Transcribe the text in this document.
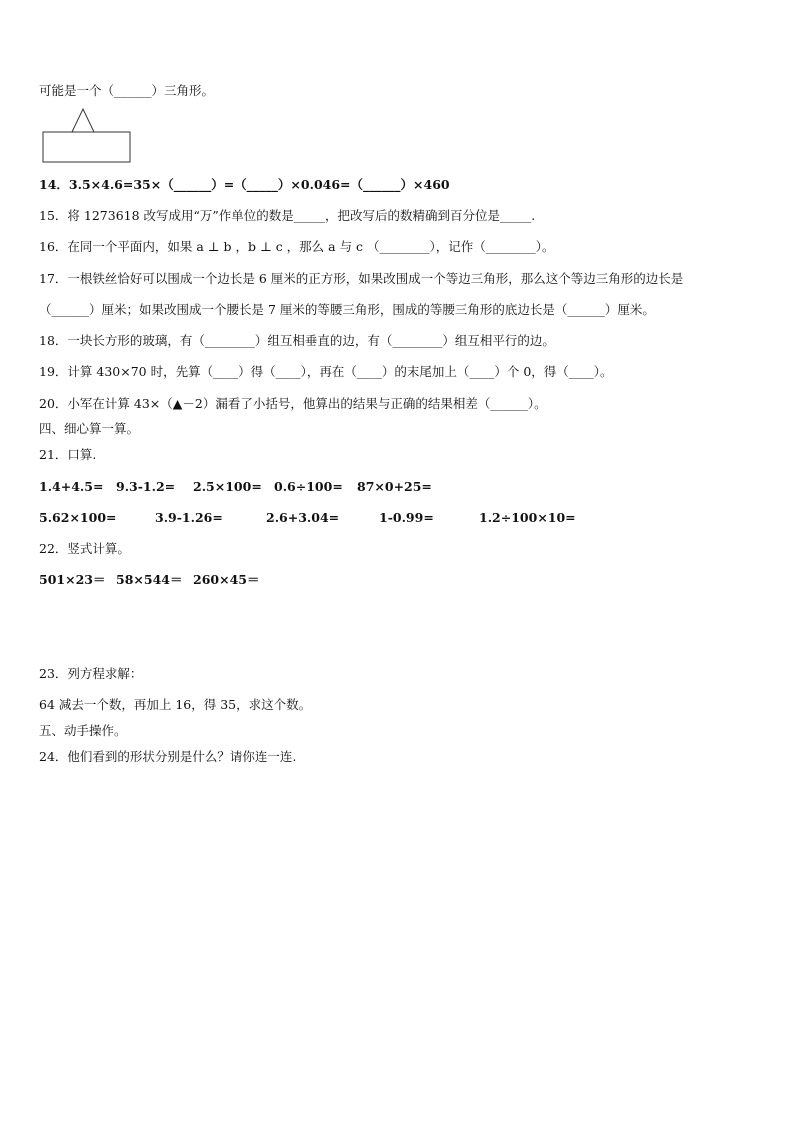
可能是一个（______）三角形。
14．3.5×4.6=35×（______）=（_____）×0.046=（______）×460
15．将 1273618 改写成用“万”作单位的数是_____，把改写后的数精确到百分位是_____.
16．在同一个平面内，如果 a ⊥ b ，b ⊥ c ，那么 a 与 c （________），记作（________）。
17．一根铁丝恰好可以围成一个边长是 6 厘米的正方形，如果改围成一个等边三角形，那么这个等边三角形的边长是
（______）厘米；如果改围成一个腰长是 7 厘米的等腰三角形，围成的等腰三角形的底边长是（______）厘米。
18．一块长方形的玻璃，有（________）组互相垂直的边，有（________）组互相平行的边。
19．计算 430×70 时，先算（____）得（____），再在（____）的末尾加上（____）个 0，得（____）。
20．小军在计算 43×（▲－2）漏看了小括号，他算出的结果与正确的结果相差（______）。
四、细心算一算。
21．口算.
1.4+4.5= 9.3-1.2= 2.5×100= 0.6÷100= 87×0+25=
5.62×100=	3.9-1.26=	2.6+3.04=	1-0.99=	1.2÷100×10=
22．竖式计算。
501×23＝ 58×544＝ 260×45＝
23．列方程求解：
64 减去一个数，再加上 16，得 35，求这个数。
五、动手操作。
24．他们看到的形状分别是什么？请你连一连.
